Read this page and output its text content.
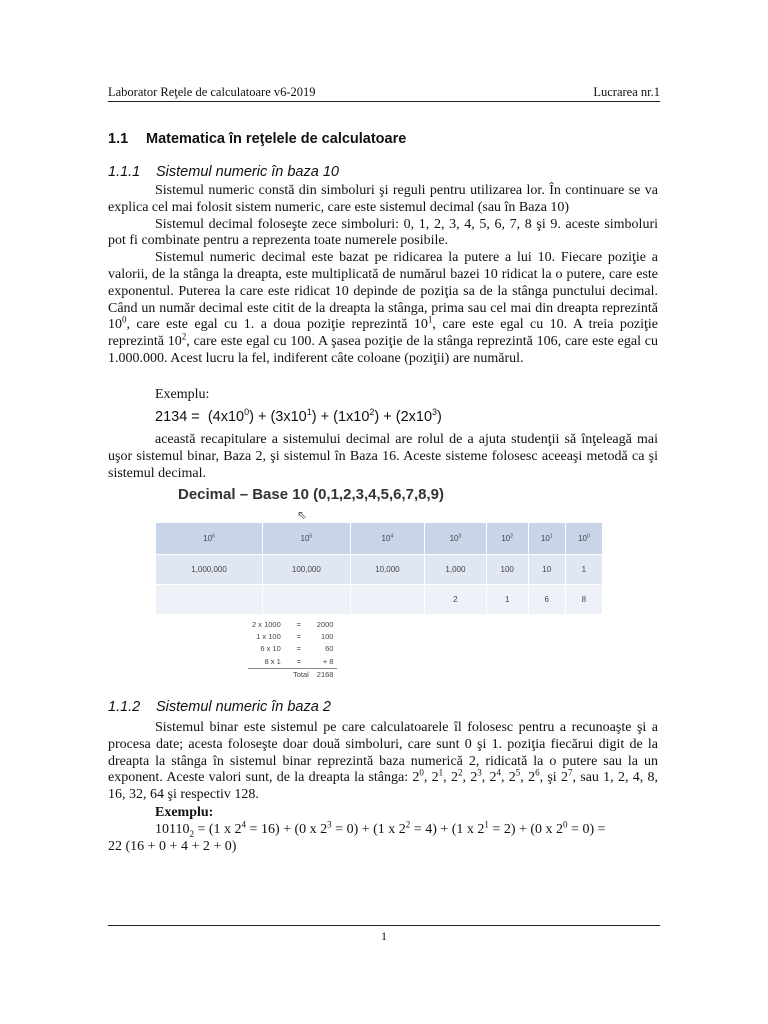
Laborator Reţele de calculatoare v6-2019	Lucrarea nr.1
1.1 Matematica în reţelele de calculatoare
1.1.1 Sistemul numeric în baza 10

Sistemul numeric constă din simboluri şi reguli pentru utilizarea lor. În continuare se va explica cel mai folosit sistem numeric, care este sistemul decimal (sau în Baza 10)

Sistemul decimal foloseşte zece simboluri: 0, 1, 2, 3, 4, 5, 6, 7, 8 şi 9. aceste simboluri pot fi combinate pentru a reprezenta toate numerele posibile.

Sistemul numeric decimal este bazat pe ridicarea la putere a lui 10. Fiecare poziţie a valorii, de la stânga la dreapta, este multiplicată de numărul bazei 10 ridicat la o putere, care este exponentul. Puterea la care este ridicat 10 depinde de poziţia sa de la stânga punctului decimal. Când un număr decimal este citit de la dreapta la stânga, prima sau cel mai din dreapta reprezintă $10^0$, care este egal cu 1. a doua poziţie reprezintă $10^1$, care este egal cu 10. A treia poziţie reprezintă $10^2$, care este egal cu 100. A şasea poziţie de la stânga reprezintă 106, care este egal cu 1.000.000. Acest lucru la fel, indiferent câte coloane (poziţii) are numărul.

Exemplu:
$2134 = (4x10^0) + (3x10^1) + (1x10^2) + (2x10^3)$
această recapitulare a sistemului decimal are rolul de a ajuta studenţii să înţeleagă mai uşor sistemul binar, Baza 2, şi sistemul în Baza 16. Aceste sisteme folosesc aceeaşi metodă ca şi sistemul decimal.
Decimal – Base 10 (0,1,2,3,4,5,6,7,8,9)
⇖
$10^6$	$10^5$	$10^4$	$10^3$	$10^2$	$10^1$	$10^0$
1,000,000	100,000	10,000	1,000	100	10	1
			2	1	6	8
2 x 1000	=	2000
1 x 100	=	100
6 x 10	=	60
8 x 1	=	+ 8
	Total	2168
1.1.2 Sistemul numeric în baza 2
Sistemul binar este sistemul pe care calculatoarele îl folosesc pentru a recunoaşte şi a procesa date; acesta foloseşte doar două simboluri, care sunt 0 şi 1. poziţia fiecărui digit de la dreapta la stânga în sistemul binar reprezintă baza numerică 2, ridicată la o putere sau la un exponent. Aceste valori sunt, de la dreapta la stânga: $2^0$, $2^1$, $2^2$, $2^3$, $2^4$, $2^5$, $2^6$, şi $2^7$, sau 1, 2, 4, 8, 16, 32, 64 şi respectiv 128.
Exemplu:
$10110_2 = (1$ x $2^4 = 16) + (0$ x $2^3 = 0) + (1$ x $2^2 = 4) + (1$ x $2^1 = 2) + (0$ x $2^0 = 0$) =
22 (16 + 0 + 4 + 2 + 0)
1
